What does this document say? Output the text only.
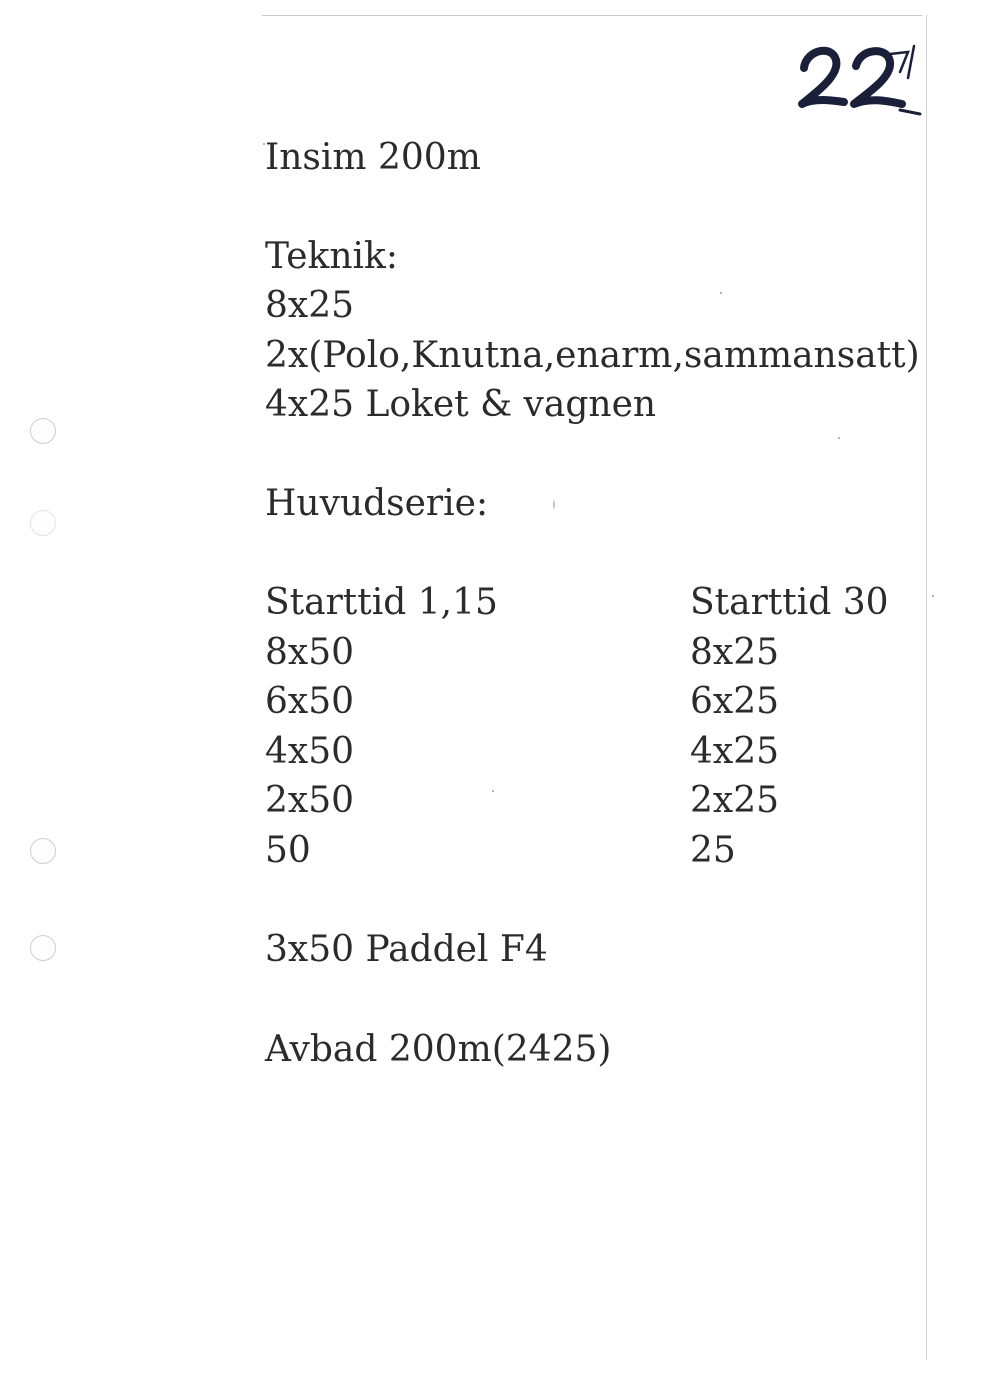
Insim 200m
Teknik:
8x25
2x(Polo,Knutna,enarm,sammansatt)
4x25 Loket & vagnen
Huvudserie:
Starttid 1,15
8x50
6x50
4x50
2x50
50
Starttid 30
8x25
6x25
4x25
2x25
25
3x50 Paddel F4
Avbad 200m(2425)
